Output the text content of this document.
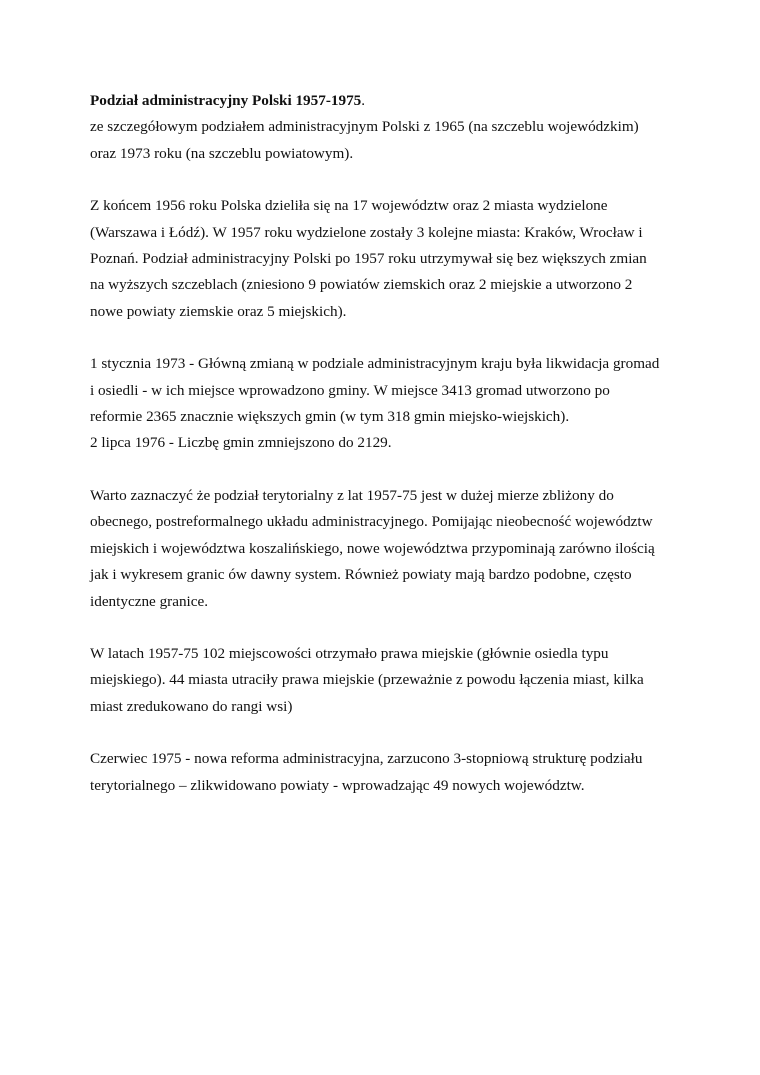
Podział administracyjny Polski 1957-1975.
ze szczegółowym podziałem administracyjnym Polski z 1965 (na szczeblu wojewódzkim)
oraz 1973 roku (na szczeblu powiatowym).
Z końcem 1956 roku Polska dzieliła się na 17 województw oraz 2 miasta wydzielone
(Warszawa i Łódź). W 1957 roku wydzielone zostały 3 kolejne miasta: Kraków, Wrocław i
Poznań. Podział administracyjny Polski po 1957 roku utrzymywał się bez większych zmian
na wyższych szczeblach (zniesiono 9 powiatów ziemskich oraz 2 miejskie a utworzono 2
nowe powiaty ziemskie oraz 5 miejskich).
1 stycznia 1973 - Główną zmianą w podziale administracyjnym kraju była likwidacja gromad
i osiedli - w ich miejsce wprowadzono gminy. W miejsce 3413 gromad utworzono po
reformie 2365 znacznie większych gmin (w tym 318 gmin miejsko-wiejskich).
2 lipca 1976 - Liczbę gmin zmniejszono do 2129.
Warto zaznaczyć że podział terytorialny z lat 1957-75 jest w dużej mierze zbliżony do
obecnego, postreformalnego układu administracyjnego. Pomijając nieobecność województw
miejskich i województwa koszalińskiego, nowe województwa przypominają zarówno ilością
jak i wykresem granic ów dawny system. Również powiaty mają bardzo podobne, często
identyczne granice.
W latach 1957-75 102 miejscowości otrzymało prawa miejskie (głównie osiedla typu
miejskiego). 44 miasta utraciły prawa miejskie (przeważnie z powodu łączenia miast, kilka
miast zredukowano do rangi wsi)
Czerwiec 1975 - nowa reforma administracyjna, zarzucono 3-stopniową strukturę podziału
terytorialnego – zlikwidowano powiaty - wprowadzając 49 nowych województw.
